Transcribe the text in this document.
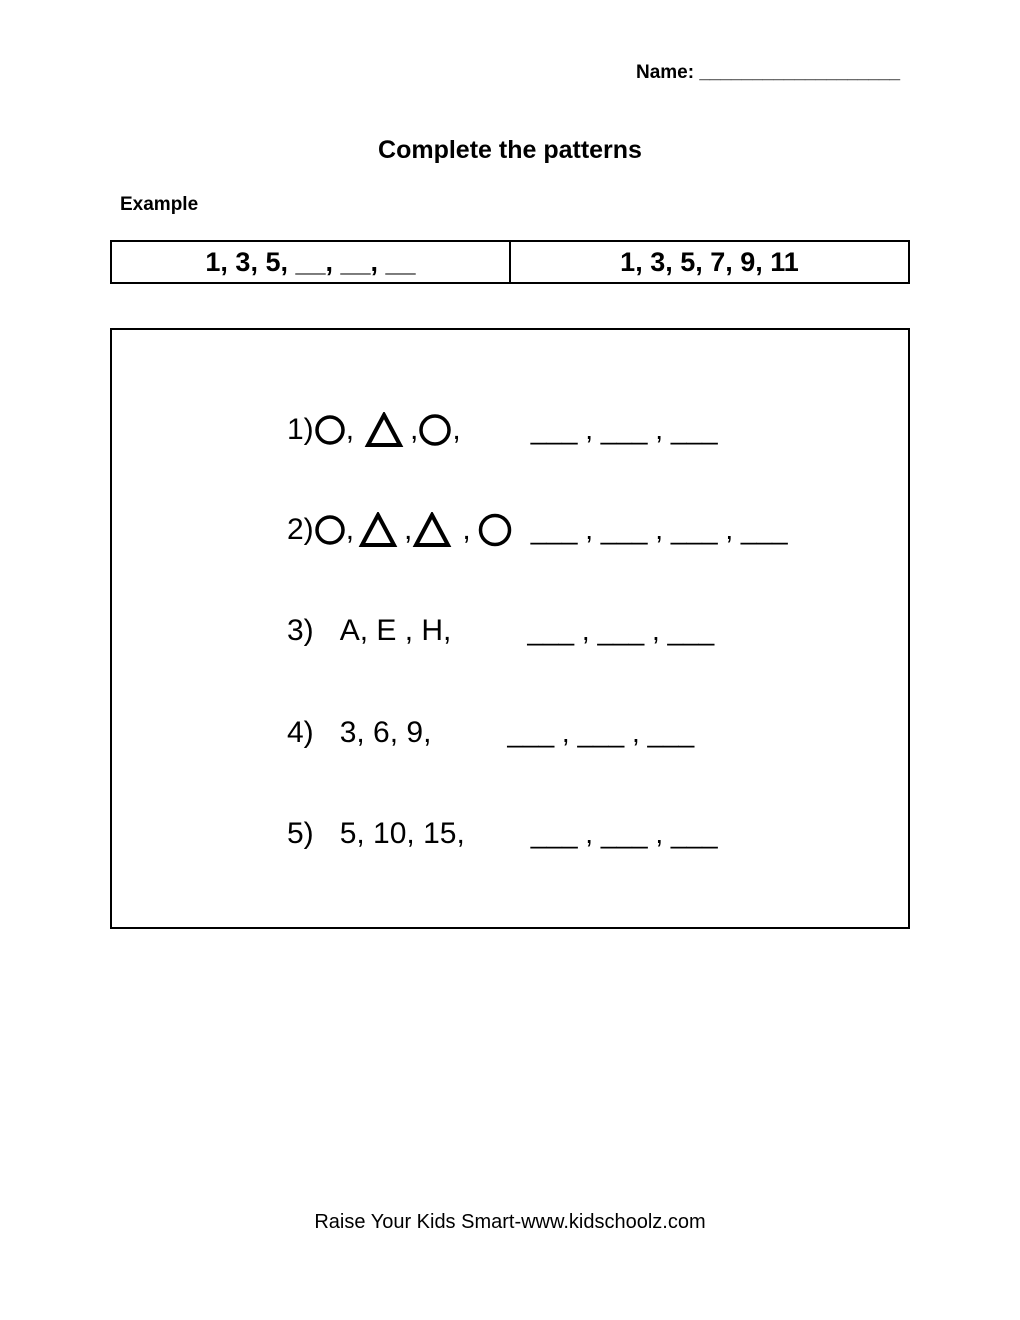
Name: ___________________
Complete the patterns
Example
1, 3, 5, __, __, __	1, 3, 5, 7, 9, 11
1) , , ,	___ , ___ , ___
2) , , , ___ , ___ , ___ , ___
3) A, E , H,	___ , ___ , ___
4) 3, 6, 9,	___ , ___ , ___
5) 5, 10, 15, ___ , ___ , ___
Raise Your Kids Smart-www.kidschoolz.com
